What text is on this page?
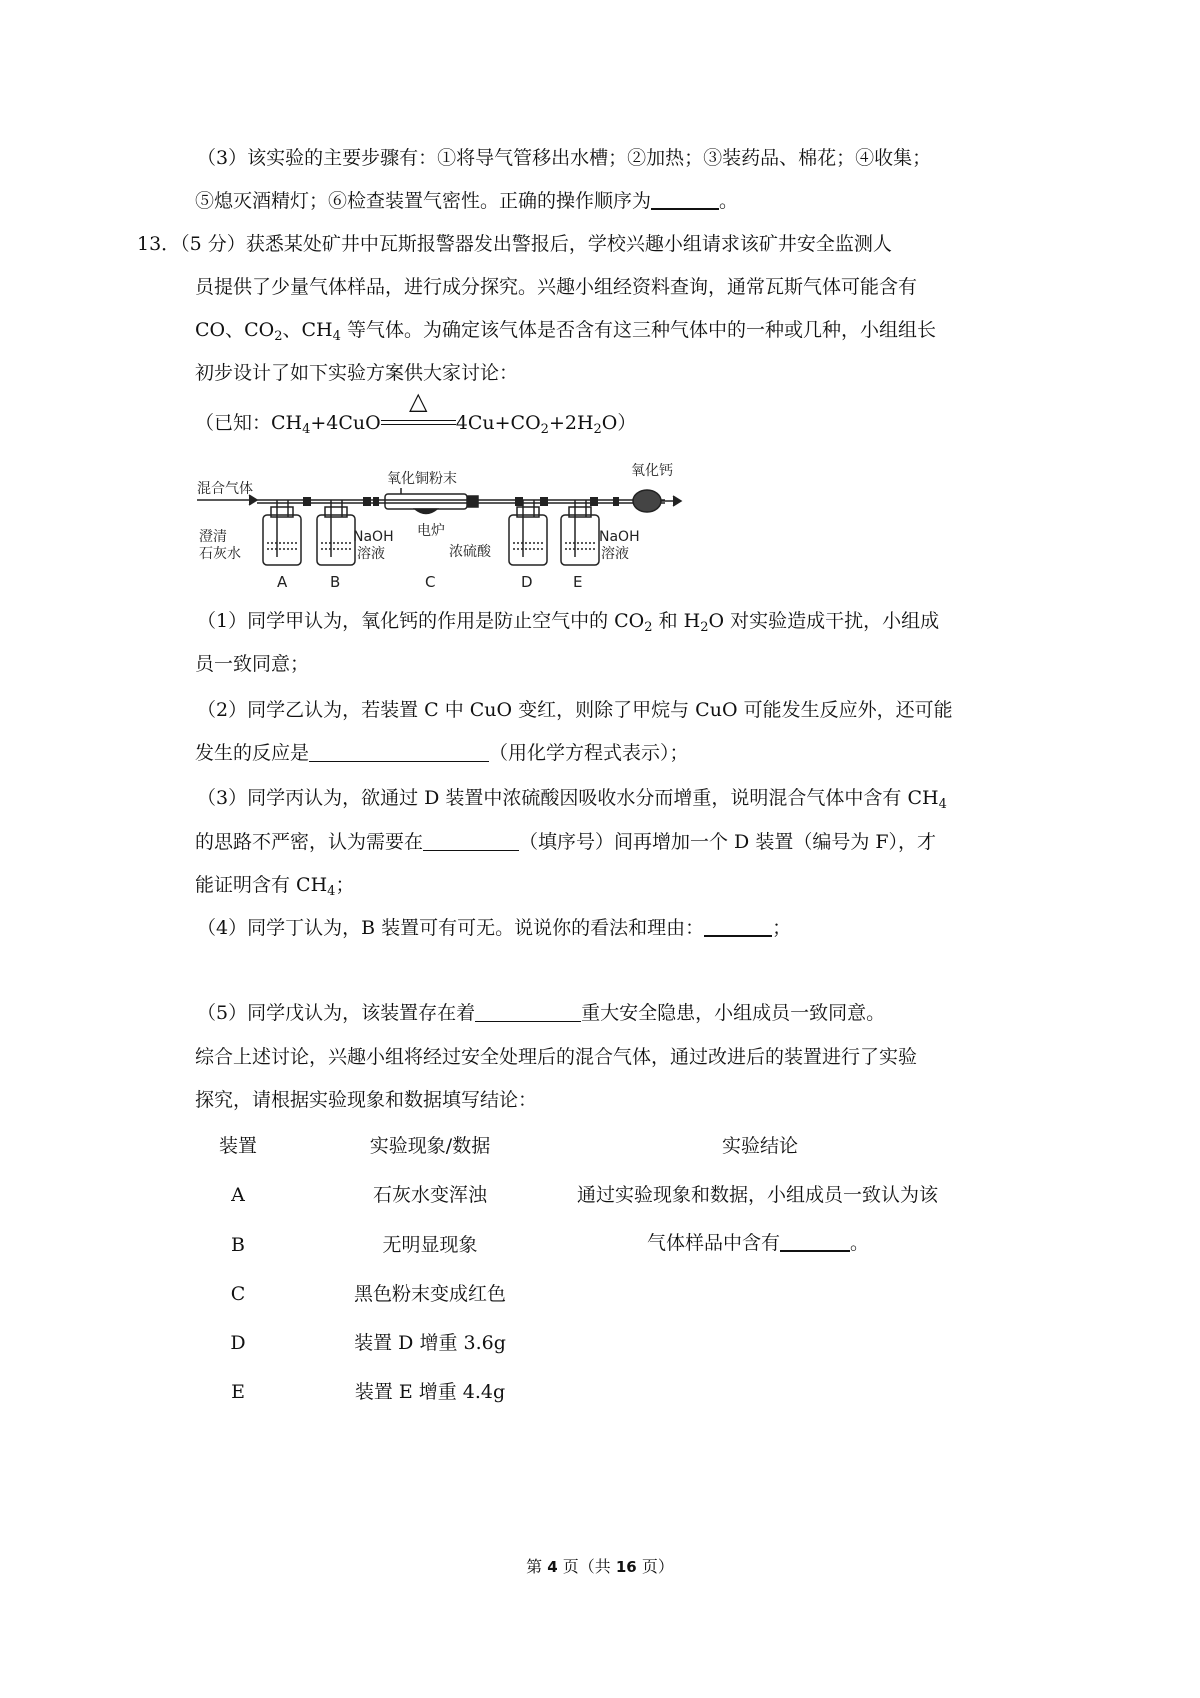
（3）该实验的主要步骤有：①将导气管移出水槽；②加热；③装药品、棉花；④收集；
⑤熄灭酒精灯；⑥检查装置气密性。正确的操作顺序为	。
13．（5 分）获悉某处矿井中瓦斯报警器发出警报后，学校兴趣小组请求该矿井安全监测人
员提供了少量气体样品，进行成分探究。兴趣小组经资料查询，通常瓦斯气体可能含有
CO、$CO_2$、$CH_4$ 等气体。为确定该气体是否含有这三种气体中的一种或几种，小组组长
初步设计了如下实验方案供大家讨论：
（已知：$CH_4+4CuO$
△
$4Cu+CO_2+2H_2O$）
混合气体
澄清
石灰水
NaOH
溶液
氧化铜粉末
电炉
浓硫酸
NaOH
溶液
氧化钙
A	B	C	D	E
（1）同学甲认为，氧化钙的作用是防止空气中的 $CO_2$ 和 $H_2O$ 对实验造成干扰，小组成
员一致同意；
（2）同学乙认为，若装置 C 中 CuO 变红，则除了甲烷与 CuO 可能发生反应外，还可能
发生的反应是	（用化学方程式表示）；
（3）同学丙认为，欲通过 D 装置中浓硫酸因吸收水分而增重，说明混合气体中含有 $CH_4$
的思路不严密，认为需要在	（填序号）间再增加一个 D 装置（编号为 F），才
能证明含有 $CH_4$；
（4）同学丁认为，B 装置可有可无。说说你的看法和理由：	；
（5）同学戊认为，该装置存在着	重大安全隐患，小组成员一致同意。
综合上述讨论，兴趣小组将经过安全处理后的混合气体，通过改进后的装置进行了实验
探究，请根据实验现象和数据填写结论：
装置	实验现象/数据	实验结论
A	石灰水变浑浊
B	无明显现象
C	黑色粉末变成红色
D	装置 D 增重 3.6g
E	装置 E 增重 4.4g
通过实验现象和数据，小组成员一致认为该
气体样品中含有	。
第 4 页（共 16 页）
